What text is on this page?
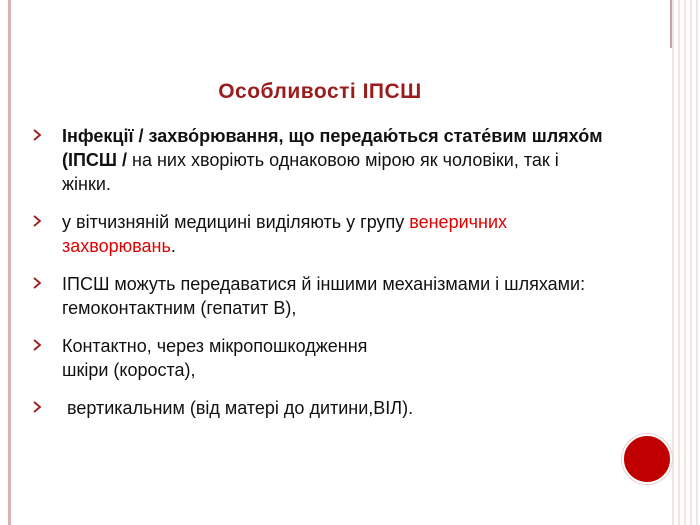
Особливості ІПСШ
Інфекції / захво́рювання, що передаю́ться стате́вим шляхо́м (ІПСШ / на них хворіють однаковою мірою як чоловіки, так і жінки.
у вітчизняній медицині виділяють у групу венеричних захворювань.
ІПСШ можуть передаватися й іншими механізмами і шляхами: гемоконтактним (гепатит В),
Контактно, через мікропошкодження
шкіри (короста),
вертикальним (від матері до дитини,ВІЛ).
